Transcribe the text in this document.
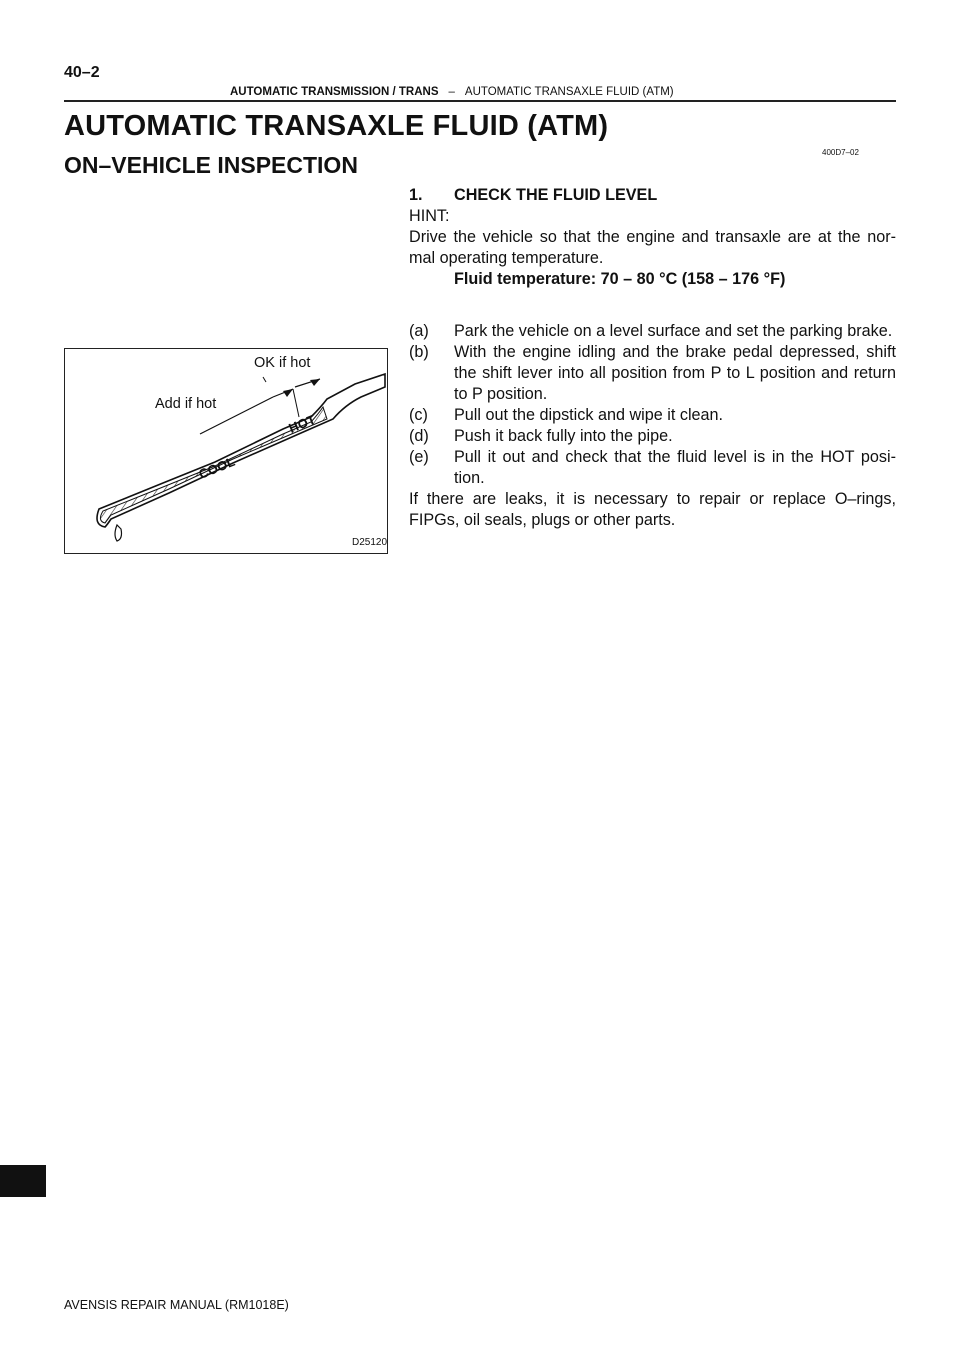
40–2
AUTOMATIC TRANSMISSION / TRANS – AUTOMATIC TRANSAXLE FLUID (ATM)
AUTOMATIC TRANSAXLE FLUID (ATM)
400D7–02
ON–VEHICLE INSPECTION

1. CHECK THE FLUID LEVEL

HINT:

Drive the vehicle so that the engine and transaxle are at the nor-

mal operating temperature.

Fluid temperature: 70 – 80 °C (158 – 176 °F)

(a) Park the vehicle on a level surface and set the parking brake.

(b) With the engine idling and the brake pedal depressed, shift the shift lever into all position from P to L position and return to P position.

(c) Pull out the dipstick and wipe it clean.

(d) Push it back fully into the pipe.

(e) Pull it out and check that the fluid level is in the HOT posi- tion.

If there are leaks, it is necessary to repair or replace O–rings, FIPGs, oil seals, plugs or other parts.

COOL
HOT
OK if hot
Add if hot
D25120
AVENSIS REPAIR MANUAL (RM1018E)
